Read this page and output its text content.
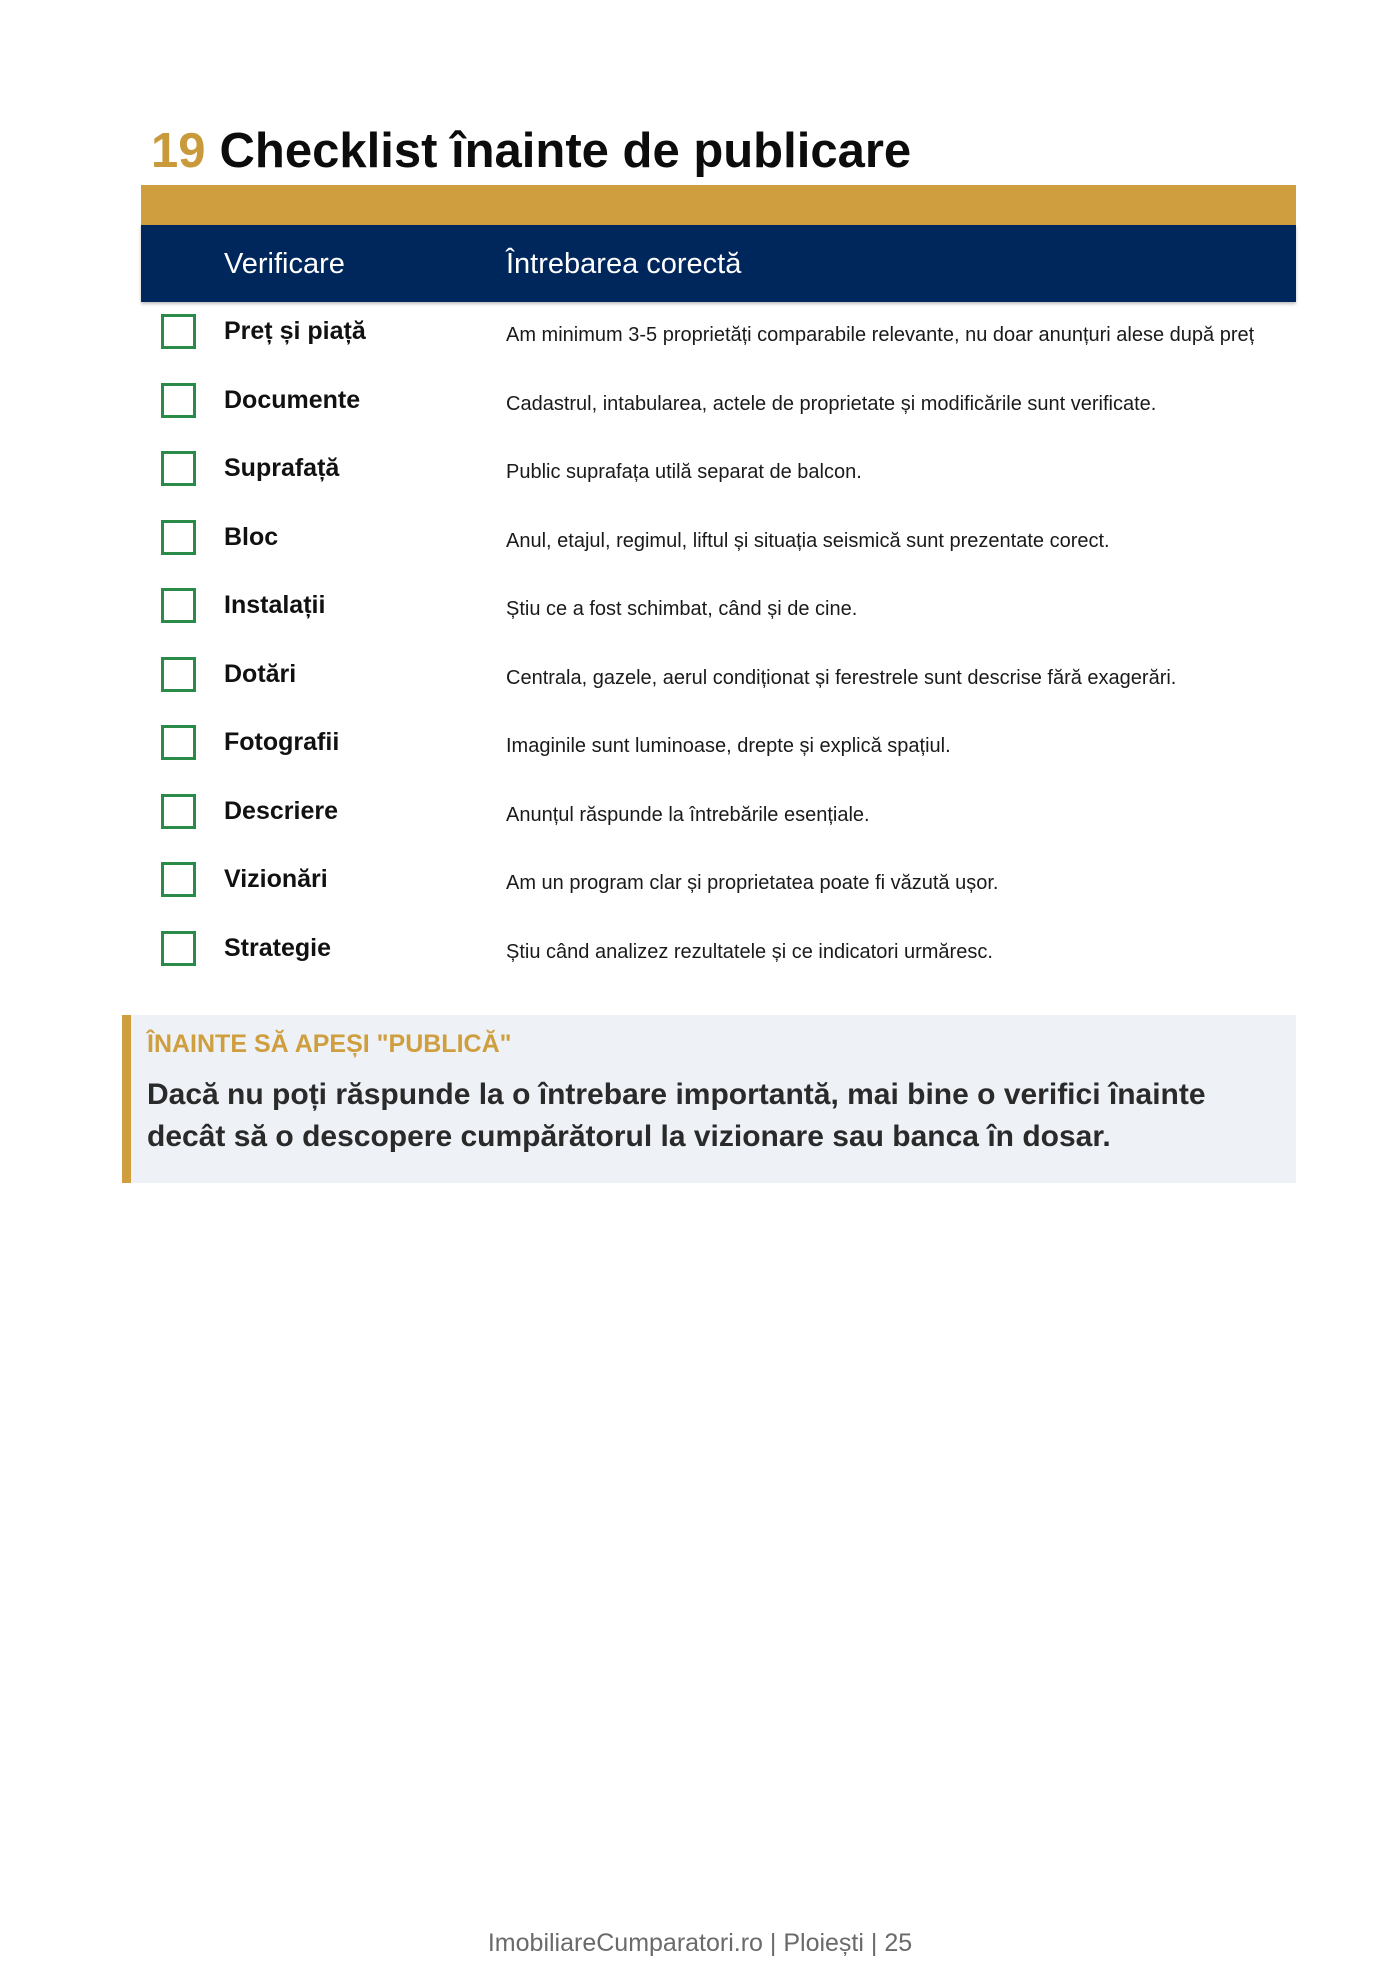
19 Checklist înainte de publicare
Verificare	Întrebarea corectă
Preț și piață	Am minimum 3-5 proprietăți comparabile relevante, nu doar anunțuri alese după preț
Documente	Cadastrul, intabularea, actele de proprietate și modificările sunt verificate.
Suprafață	Public suprafața utilă separat de balcon.
Bloc	Anul, etajul, regimul, liftul și situația seismică sunt prezentate corect.
Instalații	Știu ce a fost schimbat, când și de cine.
Dotări	Centrala, gazele, aerul condiționat și ferestrele sunt descrise fără exagerări.
Fotografii	Imaginile sunt luminoase, drepte și explică spațiul.
Descriere	Anunțul răspunde la întrebările esențiale.
Vizionări	Am un program clar și proprietatea poate fi văzută ușor.
Strategie	Știu când analizez rezultatele și ce indicatori urmăresc.
ÎNAINTE SĂ APEȘI "PUBLICĂ"

Dacă nu poți răspunde la o întrebare importantă, mai bine o verifici înainte decât să o descopere cumpărătorul la vizionare sau banca în dosar.

ImobiliareCumparatori.ro | Ploiești | 25
